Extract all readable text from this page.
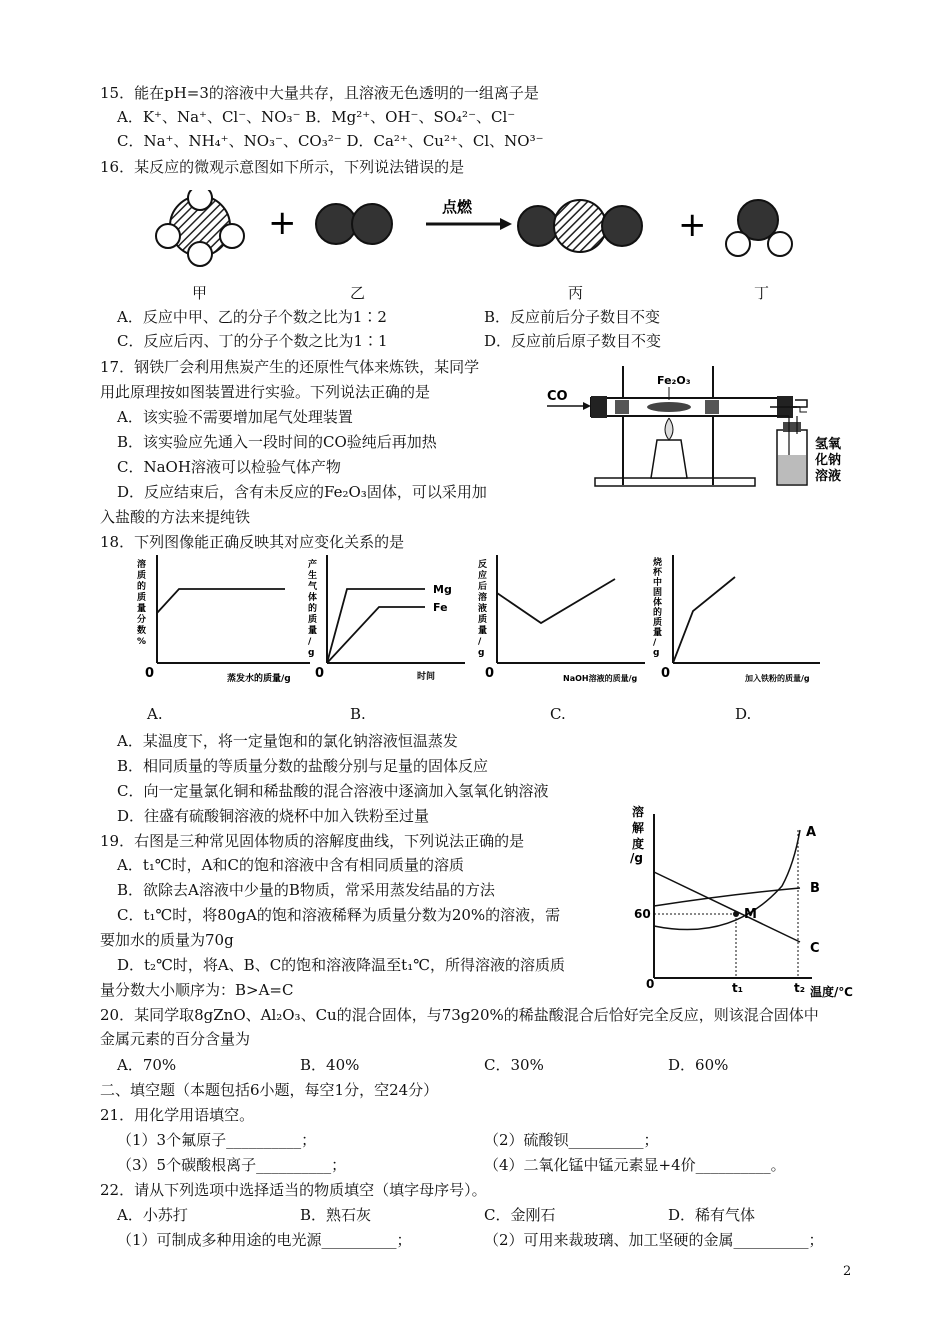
15．能在pH=3的溶液中大量共存，且溶液无色透明的一组离子是
A．K⁺、Na⁺、Cl⁻、NO₃⁻ B．Mg²⁺、OH⁻、SO₄²⁻、Cl⁻
C．Na⁺、NH₄⁺、NO₃⁻、CO₃²⁻ D．Ca²⁺、Cu²⁺、Cl、NO³⁻
16．某反应的微观示意图如下所示，下列说法错误的是
+	点燃	+
甲	乙	丙	丁
A．反应中甲、乙的分子个数之比为1∶2	B．反应前后分子数目不变
C．反应后丙、丁的分子个数之比为1∶1	D．反应前后原子数目不变
17．钢铁厂会利用焦炭产生的还原性气体来炼铁，某同学
用此原理按如图装置进行实验。下列说法正确的是
A．该实验不需要增加尾气处理装置
B．该实验应先通入一段时间的CO验纯后再加热
C．NaOH溶液可以检验气体产物
D．反应结束后，含有未反应的Fe₂O₃固体，可以采用加
入盐酸的方法来提纯铁
CO
Fe₂O₃
氢氧
化钠
溶液
18．下列图像能正确反映其对应变化关系的是
溶
质
的
质
量
分
数
%
0	蒸发水的质量/g
Mg
Fe
产
生
气
体
的
质
量
/
g
0	时间
反
应
后
溶
液
质
量
/
g
0	NaOH溶液的质量/g
烧
杯
中
固
体
的
质
量
/
g
0	加入铁粉的质量/g
A.	B.	C.	D.
A．某温度下，将一定量饱和的氯化钠溶液恒温蒸发
B．相同质量的等质量分数的盐酸分别与足量的固体反应
C．向一定量氯化铜和稀盐酸的混合溶液中逐滴加入氢氧化钠溶液
D．往盛有硫酸铜溶液的烧杯中加入铁粉至过量
19．右图是三种常见固体物质的溶解度曲线，下列说法正确的是
A．t₁℃时，A和C的饱和溶液中含有相同质量的溶质
B．欲除去A溶液中少量的B物质，常采用蒸发结晶的方法
C．t₁℃时，将80gA的饱和溶液稀释为质量分数为20%的溶液，需
要加水的质量为70g
D．t₂℃时，将A、B、C的饱和溶液降温至t₁℃，所得溶液的溶质质
量分数大小顺序为：B>A=C
溶
解
度
/g
M
60
0	t₁	t₂ 温度/℃
A
B
C
20．某同学取8gZnO、Al₂O₃、Cu的混合固体，与73g20%的稀盐酸混合后恰好完全反应，则该混合固体中
金属元素的百分含量为
A．70%	B．40%	C．30%	D．60%
二、填空题（本题包括6小题，每空1分，空24分）
21．用化学用语填空。
（1）3个氟原子__________；	（2）硫酸钡__________；
（3）5个碳酸根离子__________；	（4）二氧化锰中锰元素显+4价__________。
22．请从下列选项中选择适当的物质填空（填字母序号）。
A．小苏打	B．熟石灰	C．金刚石	D．稀有气体
（1）可制成多种用途的电光源__________；	（2）可用来裁玻璃、加工坚硬的金属__________；
2
